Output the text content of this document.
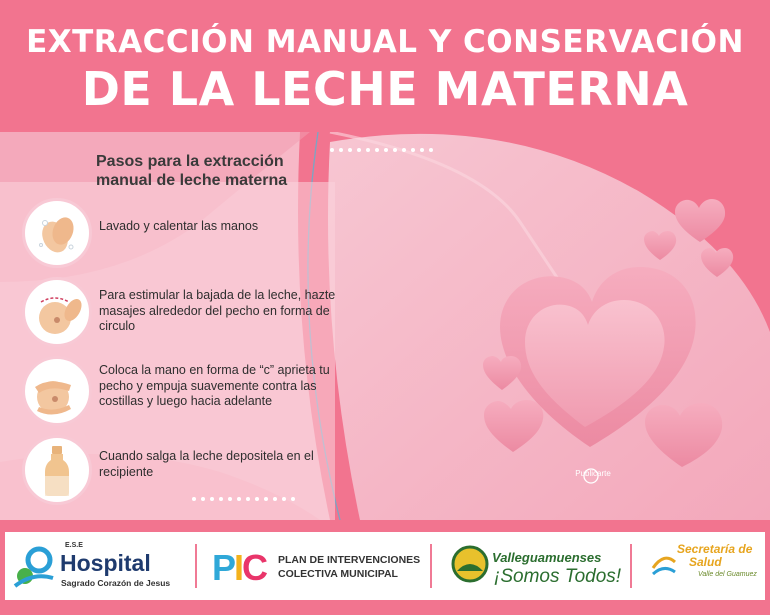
EXTRACCIÓN MANUAL Y CONSERVACIÓN
DE LA LECHE MATERNA
Pasos para la extracción manual de leche materna
Lavado y calentar las manos
Para estimular la bajada de la leche, hazte masajes alrededor del pecho en forma de circulo
Coloca la mano en forma de “c” aprieta tu pecho y empuja suavemente contra las costillas y luego hacia adelante
Cuando salga la leche depositela en el recipiente	Publicarte
E.S.E
Hospital
Sagrado Corazón de Jesus PIC PLAN DE INTERVENCIONES
COLECTIVA MUNICIPAL
Valleguamuenses
¡Somos Todos!
Secretaría de
Salud
Valle del Guamuez
